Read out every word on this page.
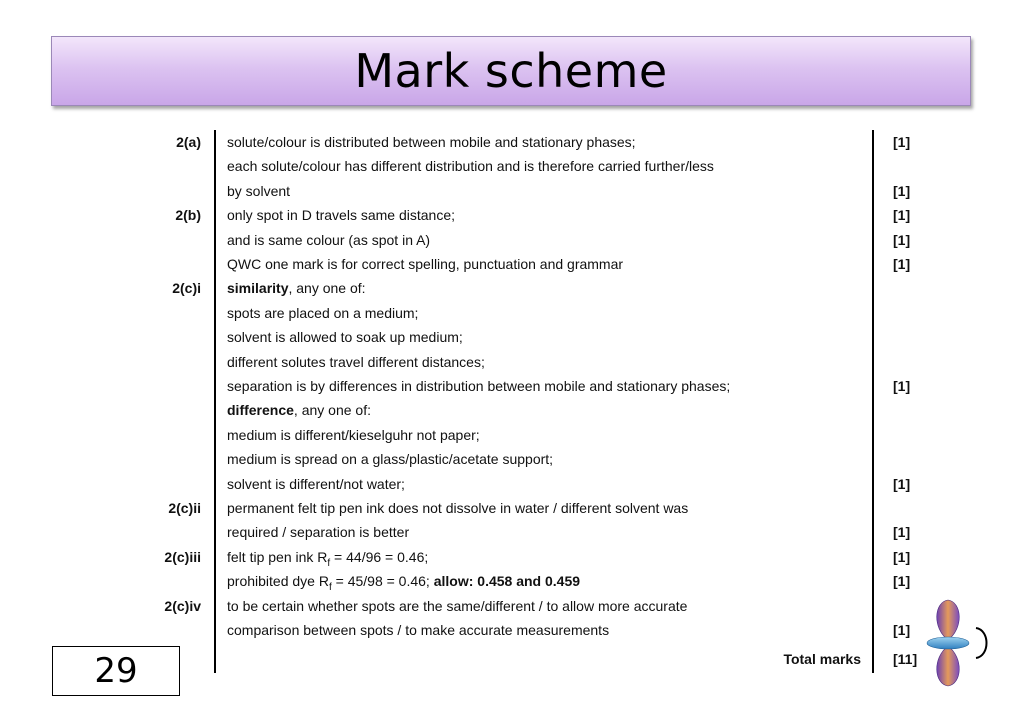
Mark scheme
2(a) solute/colour is distributed between mobile and stationary phases;	[1]
each solute/colour has different distribution and is therefore carried further/less
by solvent	[1]
2(b) only spot in D travels same distance;	[1]
and is same colour (as spot in A)	[1]
QWC one mark is for correct spelling, punctuation and grammar	[1]
2(c)i similarity, any one of:
spots are placed on a medium;
solvent is allowed to soak up medium;
different solutes travel different distances;
separation is by differences in distribution between mobile and stationary phases;	[1]
difference, any one of:
medium is different/kieselguhr not paper;
medium is spread on a glass/plastic/acetate support;
solvent is different/not water;	[1]
2(c)ii permanent felt tip pen ink does not dissolve in water / different solvent was
required / separation is better	[1]
2(c)iii felt tip pen ink $R_f = 44/96 = 0.46$;	[1]
prohibited dye $R_f = 45/98 = 0.46$; allow: 0.458 and 0.459	[1]
2(c)iv to be certain whether spots are the same/different / to allow more accurate
comparison between spots / to make accurate measurements	[1]
Total marks [11]
29
